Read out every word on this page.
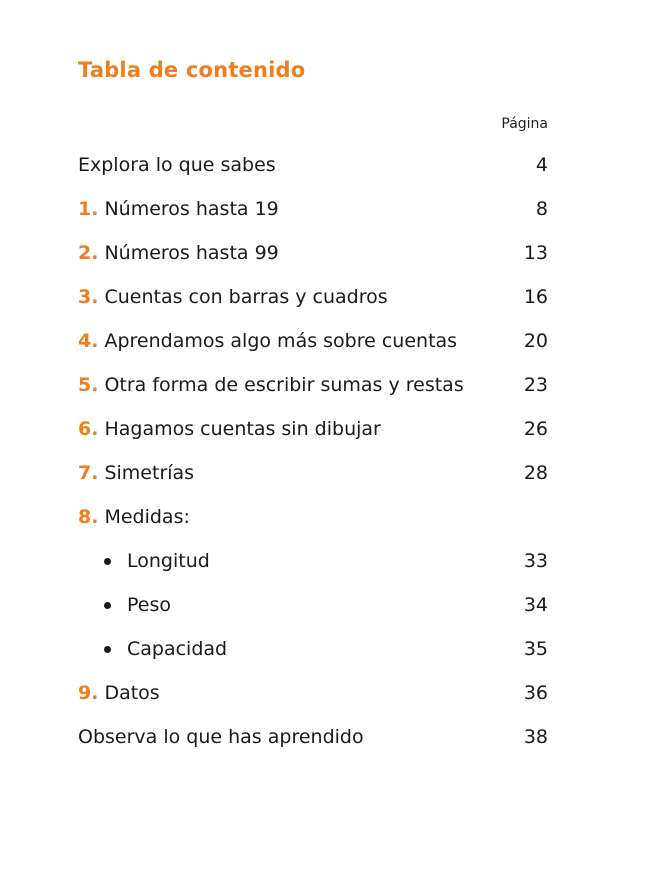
Tabla de contenido
Página
Explora lo que sabes	4
1. Números hasta 19	8
2. Números hasta 99	13
3. Cuentas con barras y cuadros	16
4. Aprendamos algo más sobre cuentas	20
5. Otra forma de escribir sumas y restas	23
6. Hagamos cuentas sin dibujar	26
7. Simetrías	28
8. Medidas:
Longitud	33
Peso	34
Capacidad	35
9. Datos	36
Observa lo que has aprendido	38
